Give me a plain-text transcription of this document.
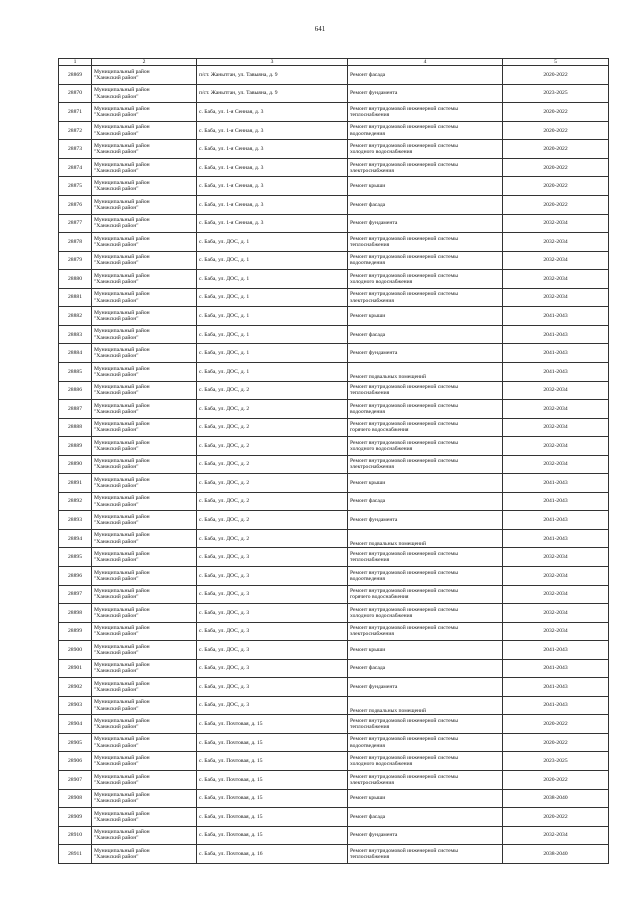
641
1	2	3	4	5
28869	Муниципальный район
"Ханжский район"	п/ст. Жанытган, ул. Тавыяна, д. 9	Ремонт фасада	2020-2022
28870	Муниципальный район
"Ханжский район"	п/ст. Жанытган, ул. Тавыяна, д. 9	Ремонт фундамента	2023-2025
28871	Муниципальный район
"Ханжский район"	с. Баба, ул. 1-я Сенная, д. 3	Ремонт внутридомовой инженерной системы
теплоснабжения	2020-2022
28872	Муниципальный район
"Ханжский район"	с. Баба, ул. 1-я Сенная, д. 3	Ремонт внутридомовой инженерной системы
водоотведения	2020-2022
28873	Муниципальный район
"Ханжский район"	с. Баба, ул. 1-я Сенная, д. 3	Ремонт внутридомовой инженерной системы
холодного водоснабжения	2020-2022
28874	Муниципальный район
"Ханжский район"	с. Баба, ул. 1-я Сенная, д. 3	Ремонт внутридомовой инженерной системы
электроснабжения	2020-2022
28875	Муниципальный район
"Ханжский район"	с. Баба, ул. 1-я Сенная, д. 3	Ремонт крыши	2020-2022
28876	Муниципальный район
"Ханжский район"	с. Баба, ул. 1-я Сенная, д. 3	Ремонт фасада	2020-2022
28877	Муниципальный район
"Ханжский район"	с. Баба, ул. 1-я Сенная, д. 3	Ремонт фундамента	2032-2034
28878	Муниципальный район
"Ханжский район"	с. Баба, ул. ДОС, д. 1	Ремонт внутридомовой инженерной системы
теплоснабжения	2032-2034
28879	Муниципальный район
"Ханжский район"	с. Баба, ул. ДОС, д. 1	Ремонт внутридомовой инженерной системы
водоотведения	2032-2034
28880	Муниципальный район
"Ханжский район"	с. Баба, ул. ДОС, д. 1	Ремонт внутридомовой инженерной системы
холодного водоснабжения	2032-2034
28881	Муниципальный район
"Ханжский район"	с. Баба, ул. ДОС, д. 1	Ремонт внутридомовой инженерной системы
электроснабжения	2032-2034
28882	Муниципальный район
"Ханжский район"	с. Баба, ул. ДОС, д. 1	Ремонт крыши	2041-2043
28883	Муниципальный район
"Ханжский район"	с. Баба, ул. ДОС, д. 1	Ремонт фасада	2041-2043
28884	Муниципальный район
"Ханжский район"	с. Баба, ул. ДОС, д. 1	Ремонт фундамента	2041-2043
28885	Муниципальный район
"Ханжский район"	с. Баба, ул. ДОС, д. 1	Ремонт подвальных помещений	2041-2043
28886	Муниципальный район
"Ханжский район"	с. Баба, ул. ДОС, д. 2	Ремонт внутридомовой инженерной системы
теплоснабжения	2032-2034
28887	Муниципальный район
"Ханжский район"	с. Баба, ул. ДОС, д. 2	Ремонт внутридомовой инженерной системы
водоотведения	2032-2034
28888	Муниципальный район
"Ханжский район"	с. Баба, ул. ДОС, д. 2	Ремонт внутридомовой инженерной системы
горячего водоснабжения	2032-2034
28889	Муниципальный район
"Ханжский район"	с. Баба, ул. ДОС, д. 2	Ремонт внутридомовой инженерной системы
холодного водоснабжения	2032-2034
28890	Муниципальный район
"Ханжский район"	с. Баба, ул. ДОС, д. 2	Ремонт внутридомовой инженерной системы
электроснабжения	2032-2034
28891	Муниципальный район
"Ханжский район"	с. Баба, ул. ДОС, д. 2	Ремонт крыши	2041-2043
28892	Муниципальный район
"Ханжский район"	с. Баба, ул. ДОС, д. 2	Ремонт фасада	2041-2043
28893	Муниципальный район
"Ханжский район"	с. Баба, ул. ДОС, д. 2	Ремонт фундамента	2041-2043
28894	Муниципальный район
"Ханжский район"	с. Баба, ул. ДОС, д. 2	Ремонт подвальных помещений	2041-2043
28895	Муниципальный район
"Ханжский район"	с. Баба, ул. ДОС, д. 3	Ремонт внутридомовой инженерной системы
теплоснабжения	2032-2034
28896	Муниципальный район
"Ханжский район"	с. Баба, ул. ДОС, д. 3	Ремонт внутридомовой инженерной системы
водоотведения	2032-2034
28897	Муниципальный район
"Ханжский район"	с. Баба, ул. ДОС, д. 3	Ремонт внутридомовой инженерной системы
горячего водоснабжения	2032-2034
28898	Муниципальный район
"Ханжский район"	с. Баба, ул. ДОС, д. 3	Ремонт внутридомовой инженерной системы
холодного водоснабжения	2032-2034
28899	Муниципальный район
"Ханжский район"	с. Баба, ул. ДОС, д. 3	Ремонт внутридомовой инженерной системы
электроснабжения	2032-2034
28900	Муниципальный район
"Ханжский район"	с. Баба, ул. ДОС, д. 3	Ремонт крыши	2041-2043
28901	Муниципальный район
"Ханжский район"	с. Баба, ул. ДОС, д. 3	Ремонт фасада	2041-2043
28902	Муниципальный район
"Ханжский район"	с. Баба, ул. ДОС, д. 3	Ремонт фундамента	2041-2043
28903	Муниципальный район
"Ханжский район"	с. Баба, ул. ДОС, д. 3	Ремонт подвальных помещений	2041-2043
28904	Муниципальный район
"Ханжский район"	с. Баба, ул. Почтовая, д. 15	Ремонт внутридомовой инженерной системы
теплоснабжения	2020-2022
28905	Муниципальный район
"Ханжский район"	с. Баба, ул. Почтовая, д. 15	Ремонт внутридомовой инженерной системы
водоотведения	2020-2022
28906	Муниципальный район
"Ханжский район"	с. Баба, ул. Почтовая, д. 15	Ремонт внутридомовой инженерной системы
холодного водоснабжения	2023-2025
28907	Муниципальный район
"Ханжский район"	с. Баба, ул. Почтовая, д. 15	Ремонт внутридомовой инженерной системы
электроснабжения	2020-2022
28908	Муниципальный район
"Ханжский район"	с. Баба, ул. Почтовая, д. 15	Ремонт крыши	2038-2040
28909	Муниципальный район
"Ханжский район"	с. Баба, ул. Почтовая, д. 15	Ремонт фасада	2020-2022
28910	Муниципальный район
"Ханжский район"	с. Баба, ул. Почтовая, д. 15	Ремонт фундамента	2032-2034
28911	Муниципальный район
"Ханжский район"	с. Баба, ул. Почтовая, д. 16	Ремонт внутридомовой инженерной системы
теплоснабжения	2038-2040
